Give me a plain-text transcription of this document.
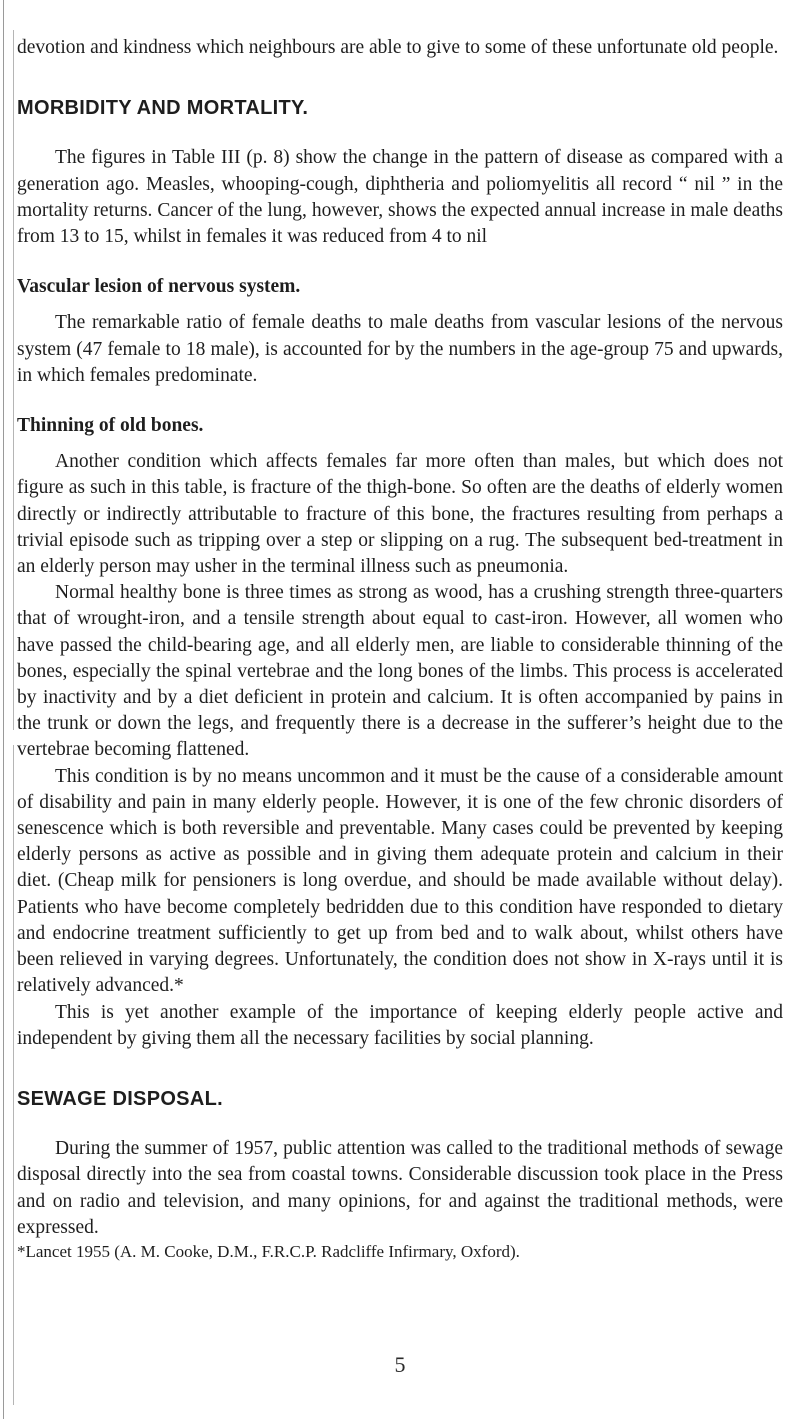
devotion and kindness which neighbours are able to give to some of these unfortunate old people.

MORBIDITY AND MORTALITY.

The figures in Table III (p. 8) show the change in the pattern of disease as compared with a generation ago. Measles, whooping-cough, diphtheria and poliomyelitis all record “ nil ” in the mortality returns. Cancer of the lung, however, shows the expected annual increase in male deaths from 13 to 15, whilst in females it was reduced from 4 to nil

Vascular lesion of nervous system.

The remarkable ratio of female deaths to male deaths from vascular lesions of the nervous system (47 female to 18 male), is accounted for by the numbers in the age-group 75 and upwards, in which females predominate.

Thinning of old bones.

Another condition which affects females far more often than males, but which does not figure as such in this table, is fracture of the thigh-bone. So often are the deaths of elderly women directly or indirectly attributable to fracture of this bone, the fractures resulting from perhaps a trivial episode such as tripping over a step or slipping on a rug. The subsequent bed-treatment in an elderly person may usher in the terminal illness such as pneumonia.

Normal healthy bone is three times as strong as wood, has a crushing strength three-quarters that of wrought-iron, and a tensile strength about equal to cast-iron. However, all women who have passed the child-bearing age, and all elderly men, are liable to considerable thinning of the bones, especially the spinal vertebrae and the long bones of the limbs. This process is accelerated by inactivity and by a diet deficient in protein and calcium. It is often accompanied by pains in the trunk or down the legs, and frequently there is a decrease in the sufferer’s height due to the vertebrae becoming flattened.

This condition is by no means uncommon and it must be the cause of a considerable amount of disability and pain in many elderly people. However, it is one of the few chronic disorders of senescence which is both reversible and preventable. Many cases could be prevented by keeping elderly persons as active as possible and in giving them adequate protein and calcium in their diet. (Cheap milk for pensioners is long overdue, and should be made available without delay). Patients who have become completely bedridden due to this condition have responded to dietary and endocrine treatment sufficiently to get up from bed and to walk about, whilst others have been relieved in varying degrees. Unfortunately, the condition does not show in X-rays until it is relatively advanced.*

This is yet another example of the importance of keeping elderly people active and independent by giving them all the necessary facilities by social planning.

SEWAGE DISPOSAL.

During the summer of 1957, public attention was called to the traditional methods of sewage disposal directly into the sea from coastal towns. Considerable discussion took place in the Press and on radio and television, and many opinions, for and against the traditional methods, were expressed.

*Lancet 1955 (A. M. Cooke, D.M., F.R.C.P. Radcliffe Infirmary, Oxford).

5
